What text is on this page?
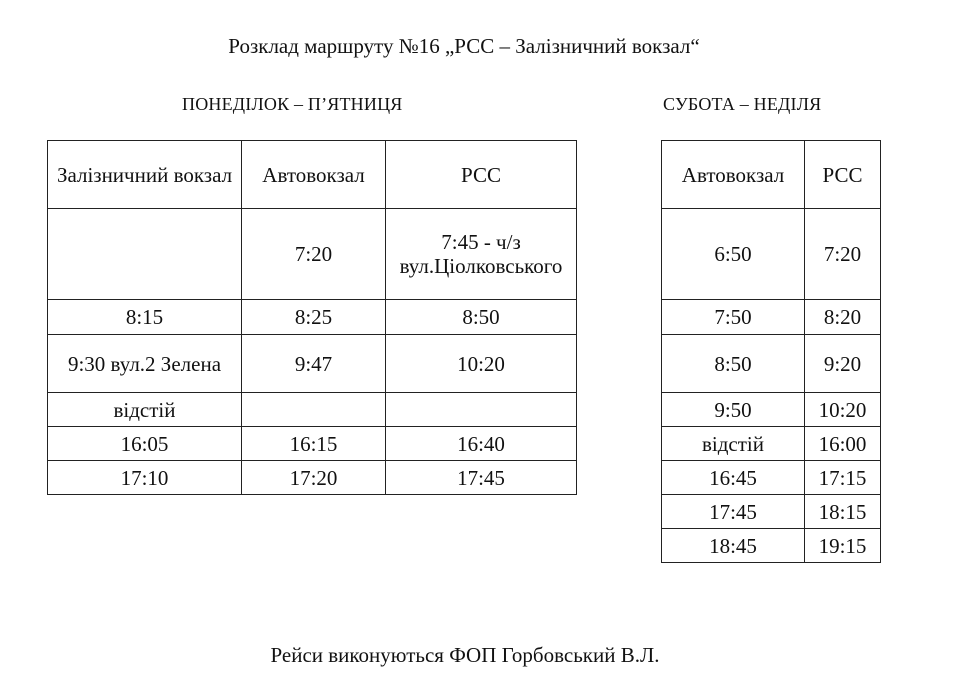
Розклад маршруту №16 „РСС – Залізничний вокзал“
ПОНЕДІЛОК – П’ЯТНИЦЯ	СУБОТА – НЕДІЛЯ
Залізничний вокзал	Автовокзал	РСС
	7:20	7:45 - ч/з вул.Ціолковського
8:15	8:25	8:50
9:30 вул.2 Зелена	9:47	10:20
відстій		
16:05	16:15	16:40
17:10	17:20	17:45
Автовокзал	РСС
6:50	7:20
7:50	8:20
8:50	9:20
9:50	10:20
відстій	16:00
16:45	17:15
17:45	18:15
18:45	19:15
Рейси виконуються ФОП Горбовський В.Л.
